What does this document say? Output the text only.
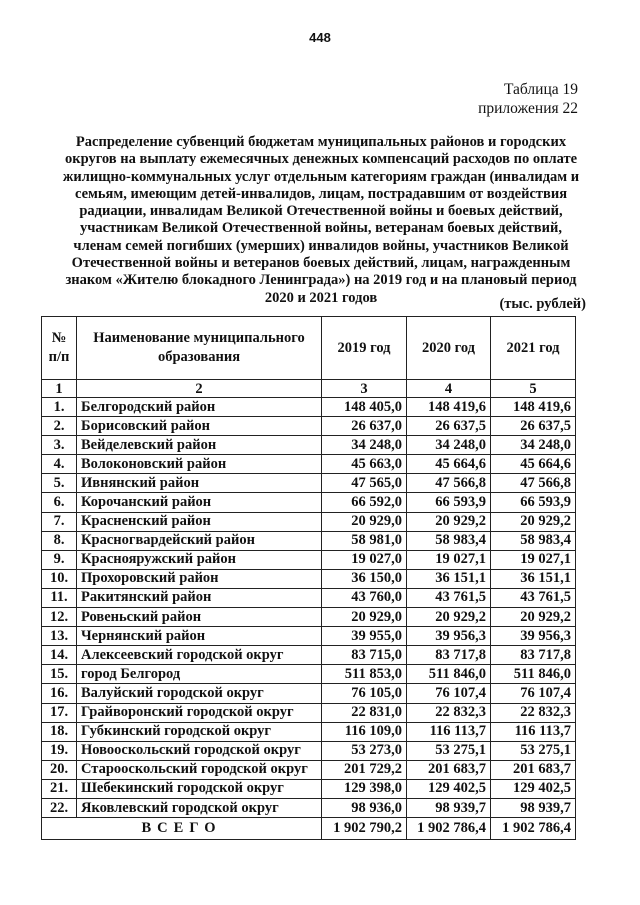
448
Таблица 19
приложения 22
Распределение субвенций бюджетам муниципальных районов и городских округов на выплату ежемесячных денежных компенсаций расходов по оплате жилищно-коммунальных услуг отдельным категориям граждан (инвалидам и семьям, имеющим детей-инвалидов, лицам, пострадавшим от воздействия радиации, инвалидам Великой Отечественной войны и боевых действий, участникам Великой Отечественной войны, ветеранам боевых действий, членам семей погибших (умерших) инвалидов войны, участников Великой Отечественной войны и ветеранов боевых действий, лицам, награжденным знаком «Жителю блокадного Ленинграда») на 2019 год и на плановый период 2020 и 2021 годов	(тыс. рублей)
№ п/п	Наименование муниципального образования	2019 год	2020 год	2021 год
1	2	3	4	5
1.	Белгородский район	148 405,0	148 419,6	148 419,6
2.	Борисовский район	26 637,0	26 637,5	26 637,5
3.	Вейделевский район	34 248,0	34 248,0	34 248,0
4.	Волоконовский район	45 663,0	45 664,6	45 664,6
5.	Ивнянский район	47 565,0	47 566,8	47 566,8
6.	Корочанский район	66 592,0	66 593,9	66 593,9
7.	Красненский район	20 929,0	20 929,2	20 929,2
8.	Красногвардейский район	58 981,0	58 983,4	58 983,4
9.	Краснояружский район	19 027,0	19 027,1	19 027,1
10.	Прохоровский район	36 150,0	36 151,1	36 151,1
11.	Ракитянский район	43 760,0	43 761,5	43 761,5
12.	Ровеньский район	20 929,0	20 929,2	20 929,2
13.	Чернянский район	39 955,0	39 956,3	39 956,3
14.	Алексеевский городской округ	83 715,0	83 717,8	83 717,8
15.	город Белгород	511 853,0	511 846,0	511 846,0
16.	Валуйский городской округ	76 105,0	76 107,4	76 107,4
17.	Грайворонский городской округ	22 831,0	22 832,3	22 832,3
18.	Губкинский городской округ	116 109,0	116 113,7	116 113,7
19.	Новооскольский городской округ	53 273,0	53 275,1	53 275,1
20.	Старооскольский городской округ	201 729,2	201 683,7	201 683,7
21.	Шебекинский городской округ	129 398,0	129 402,5	129 402,5
22.	Яковлевский городской округ	98 936,0	98 939,7	98 939,7
ВСЕГО		1 902 790,2	1 902 786,4	1 902 786,4
